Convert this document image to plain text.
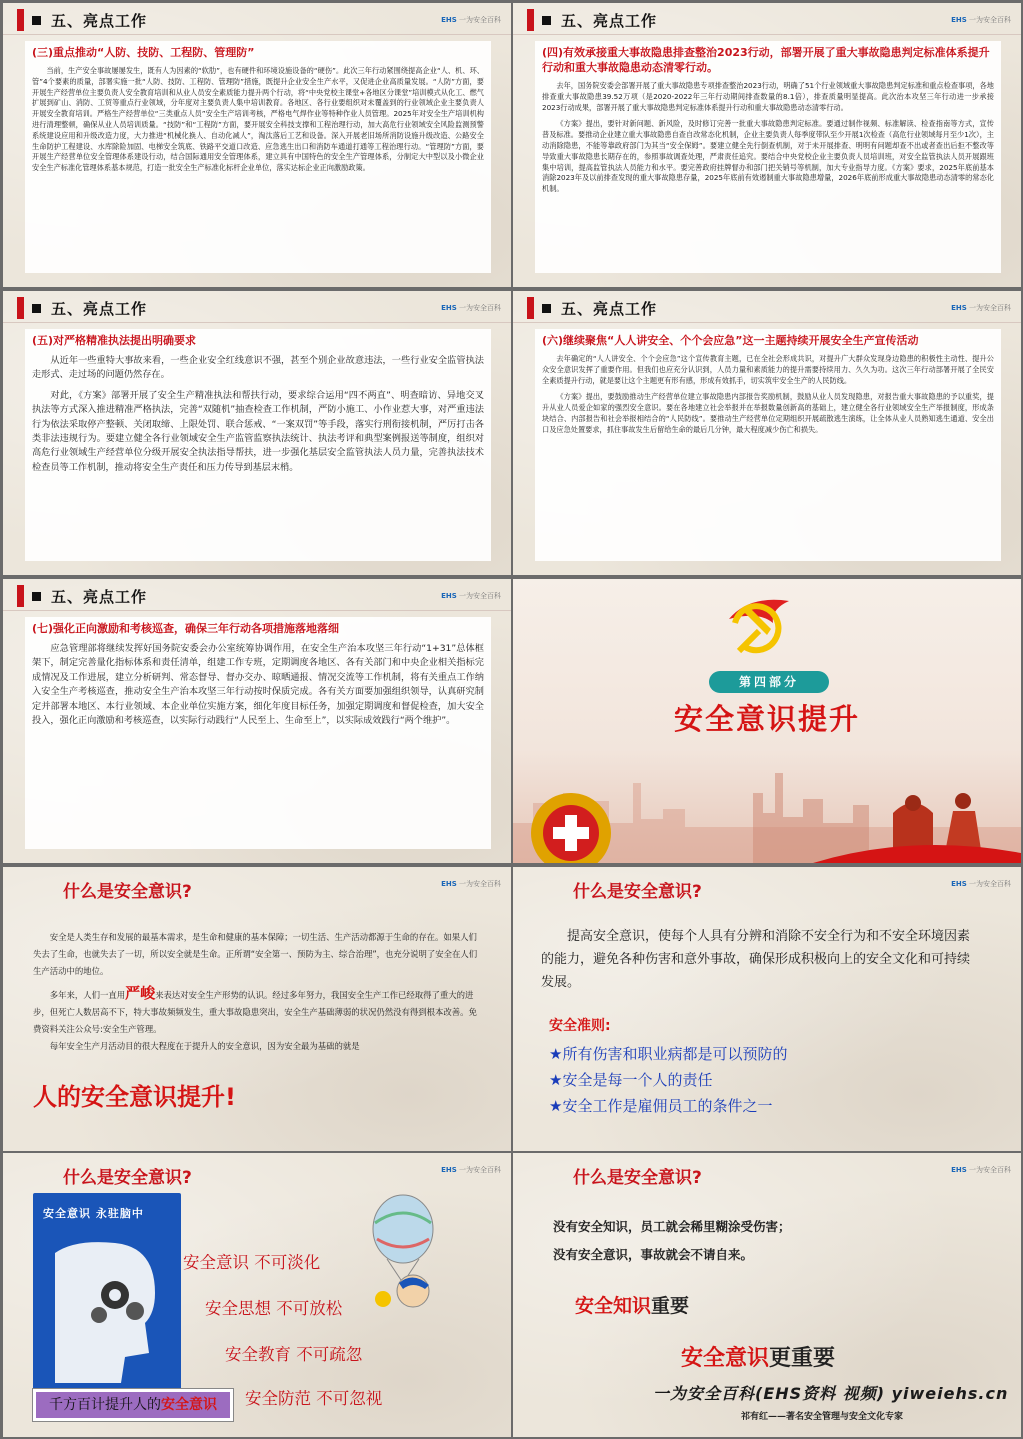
五、亮点工作	EHS 一为安全百科
(三)重点推动“人防、技防、工程防、管理防”
当前，生产安全事故屡屡发生，既有人为因素的“软肋”，也有硬件和环境设施设备的“硬伤”。此次三年行动紧围绕提高企业“人、机、环、管”4个要素的质量，部署实施一批“人防、技防、工程防、管理防”措施，既提升企业安全生产水平，又促进企业高质量发展。“人防”方面，要开展生产经营单位主要负责人安全教育培训和从业人员安全素质能力提升两个行动，将“中央党校主课堂+各地区分课堂”培训模式从化工、燃气扩展到矿山、消防、工贸等重点行业领域，分年度对主要负责人集中培训教育。各地区、各行业要组织对未覆盖到的行业领域企业主要负责人开展安全教育培训。严格生产经营单位“三类重点人员”安全生产培训考核，严格电气焊作业等特种作业人员管理。2025年对安全生产培训机构进行清理整顿，确保从业人员培训质量。“技防”和“工程防”方面，要开展安全科技支撑和工程治理行动，加大高危行业领域安全风险监测预警系统建设应用和升级改造力度，大力推进“机械化换人、自动化减人”，淘汰落后工艺和设备。深入开展老旧场所消防设施升级改造、公路安全生命防护工程建设、水库除险加固、电梯安全筑底、铁路平交道口改造、应急逃生出口和消防车通道打通等工程治理行动。“管理防”方面，要开展生产经营单位安全管理体系建设行动，结合国际通用安全管理体系，建立具有中国特色的安全生产管理体系，分制定大中型以及小微企业安全生产标准化管理体系基本规范，打造一批安全生产标准化标杆企业单位，落实达标企业正向激励政策。
五、亮点工作	EHS 一为安全百科
(四)有效承接重大事故隐患排查整治2023行动，部署开展了重大事故隐患判定标准体系提升行动和重大事故隐患动态清零行动。
去年，国务院安委会部署开展了重大事故隐患专项排查整治2023行动，明确了51个行业领域重大事故隐患判定标准和重点检查事项，各地排查重大事故隐患39.52万项（是2020-2022年三年行动期间排查数量的8.1倍），排查质量明显提高。此次治本攻坚三年行动进一步承接2023行动成果，部署开展了重大事故隐患判定标准体系提升行动和重大事故隐患动态清零行动。
《方案》提出，要针对新问题、新风险，及时修订完善一批重大事故隐患判定标准。要通过制作视频、标准解读、检查指南等方式，宣传普及标准。要推动企业建立重大事故隐患自查自改常态化机制，企业主要负责人每季度带队至少开展1次检查（高危行业领域每月至少1次），主动消除隐患，不能等靠政府部门为其当“安全保姆”。要建立健全先行倒查机制，对于未开展排查、明明有问题却查不出或者查出后拒不整改等导致重大事故隐患长期存在的，参照事故调查处理，严肃责任追究。要结合中央党校企业主要负责人员培训班，对安全监管执法人员开展跟班集中培训，提高监管执法人员能力和水平。要完善政府挂牌督办和部门把关销号等机制，加大专业指导力度。《方案》要求，2025年底前基本消除2023年及以前排查发现的重大事故隐患存量，2025年底前有效遏制重大事故隐患增量，2026年底前形成重大事故隐患动态清零的常态化机制。
五、亮点工作	EHS 一为安全百科
(五)对严格精准执法提出明确要求
从近年一些重特大事故来看，一些企业安全红线意识不强，甚至个别企业故意违法，一些行业安全监管执法走形式、走过场的问题仍然存在。
对此，《方案》部署开展了安全生产精准执法和帮扶行动，要求综合运用“四不两直”、明查暗访、异地交叉执法等方式深入推进精准严格执法，完善“双随机”抽查检查工作机制，严防小施工、小作业惹大事，对严重违法行为依法采取停产整顿、关闭取缔、上限处罚、联合惩戒、“一案双罚”等手段，落实行刑衔接机制，严厉打击各类非法违规行为。要建立健全各行业领域安全生产监管监察执法统计、执法考评和典型案例报送等制度，组织对高危行业领域生产经营单位分级开展安全执法指导帮扶，进一步强化基层安全监管执法人员力量，完善执法技术检查员等工作机制，推动将安全生产责任和压力传导到基层末梢。
五、亮点工作	EHS 一为安全百科
(六)继续聚焦“人人讲安全、个个会应急”这一主题持续开展安全生产宣传活动
去年确定的“人人讲安全、个个会应急”这个宣传教育主题，已在全社会形成共识，对提升广大群众发现身边隐患的积极性主动性、提升公众安全意识发挥了重要作用。但我们也应充分认识到，人员力量和素质能力的提升需要持续用力、久久为功。这次三年行动部署开展了全民安全素质提升行动，就是要让这个主题更有形有感，形成有效抓手，切实筑牢安全生产的人民防线。
《方案》提出，要鼓励推动生产经营单位建立事故隐患内部报告奖励机制，鼓励从业人员发现隐患，对报告重大事故隐患的予以重奖，提升从业人员爱企如家的强烈安全意识。要在各地建立社会举报并在举报数量创新高的基础上，建立健全各行业领域安全生产举报制度，形成条块结合、内部报告和社会举报相结合的“人民防线”。要推动生产经营单位定期组织开展疏散逃生演练，让全体从业人员熟知逃生通道、安全出口及应急处置要求，抓住事故发生后留给生命的最后几分钟，最大程度减少伤亡和损失。
五、亮点工作	EHS 一为安全百科
(七)强化正向激励和考核巡查，确保三年行动各项措施落地落细
应急管理部将继续发挥好国务院安委会办公室统筹协调作用，在安全生产治本攻坚三年行动“1+31”总体框架下，制定完善量化指标体系和责任清单，组建工作专班，定期调度各地区、各有关部门和中央企业相关指标完成情况及工作进展，建立分析研判、常态督导、督办交办、晾晒通报、情况交流等工作机制，将有关重点工作纳入安全生产考核巡查，推动安全生产治本攻坚三年行动按时保质完成。各有关方面要加强组织领导，认真研究制定并部署本地区、本行业领域、本企业单位实施方案，细化年度目标任务，加强定期调度和督促检查，加大安全投入，强化正向激励和考核巡查，以实际行动践行“人民至上、生命至上”，以实际成效践行“两个维护”。
第四部分
安全意识提升
什么是安全意识?	EHS 一为安全百科
安全是人类生存和发展的最基本需求，是生命和健康的基本保障；一切生活、生产活动都源于生命的存在。如果人们失去了生命，也就失去了一切，所以安全就是生命。正所谓“安全第一、预防为主、综合治理”，也充分说明了安全在人们生产活动中的地位。
多年来，人们一直用严峻来表达对安全生产形势的认识。经过多年努力，我国安全生产工作已经取得了重大的进步，但死亡人数居高不下，特大事故频频发生，重大事故隐患突出，安全生产基础薄弱的状况仍然没有得到根本改善。免费资料关注公众号:安全生产管理。
每年安全生产月活动目的很大程度在于提升人的安全意识，因为安全最为基础的就是
人的安全意识提升!
什么是安全意识?	EHS 一为安全百科
提高安全意识，使每个人具有分辨和消除不安全行为和不安全环境因素的能力，避免各种伤害和意外事故，确保形成积极向上的安全文化和可持续发展。
安全准则:
★所有伤害和职业病都是可以预防的
★安全是每一个人的责任
★安全工作是雇佣员工的条件之一
什么是安全意识?	EHS 一为安全百科
安全意识 永驻脑中
安全意识 不可淡化
安全思想 不可放松
安全教育 不可疏忽
安全防范 不可忽视
千方百计提升人的安全意识
什么是安全意识?	EHS 一为安全百科
没有安全知识，员工就会稀里糊涂受伤害；
没有安全意识，事故就会不请自来。
安全知识重要
安全意识更重要
一为安全百科(EHS资料 视频) yiweiehs.cn
祁有红——著名安全管理与安全文化专家
